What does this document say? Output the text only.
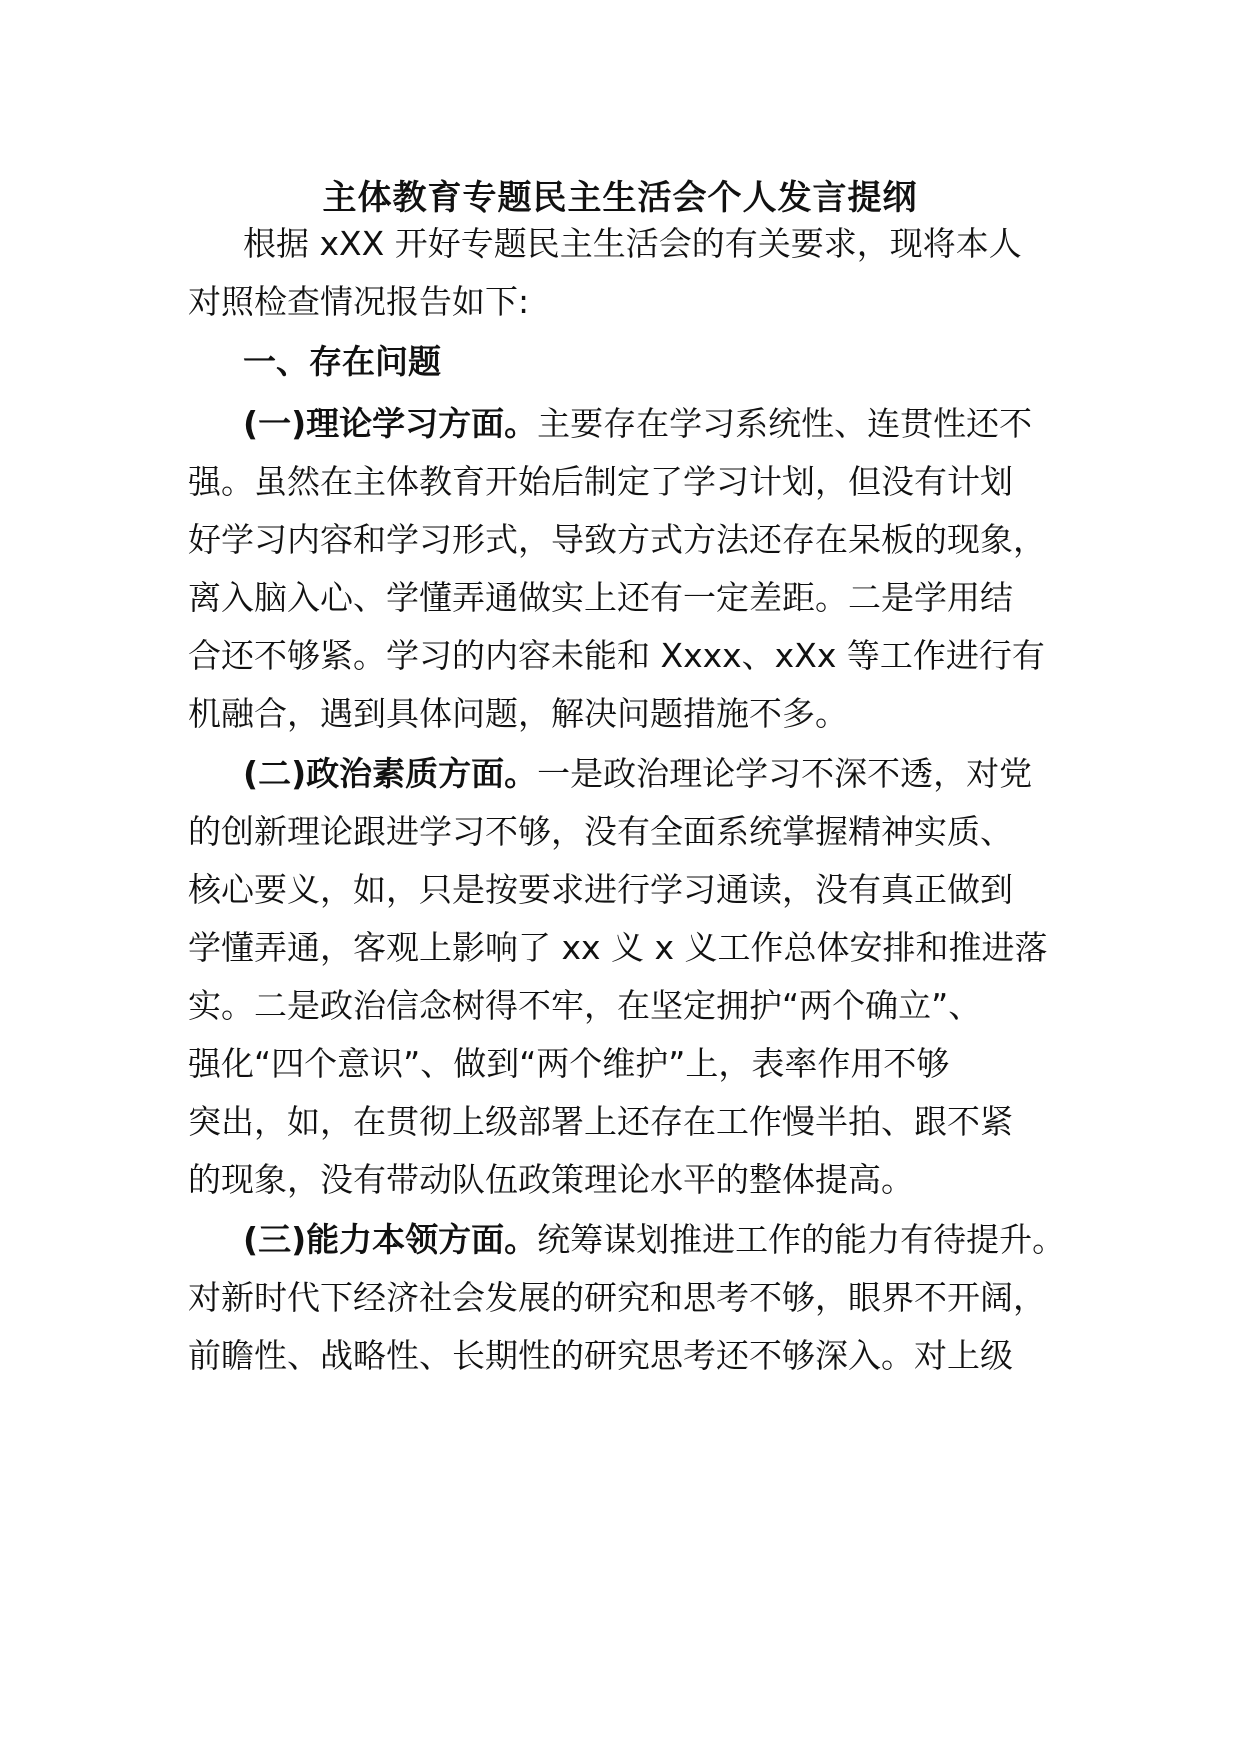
主体教育专题民主生活会个人发言提纲
根据 xXX 开好专题民主生活会的有关要求，现将本人
对照检查情况报告如下:
一、存在问题
(一)理论学习方面。主要存在学习系统性、连贯性还不
强。虽然在主体教育开始后制定了学习计划，但没有计划
好学习内容和学习形式，导致方式方法还存在呆板的现象，
离入脑入心、学懂弄通做实上还有一定差距。二是学用结
合还不够紧。学习的内容未能和 Xxxx、xXx 等工作进行有
机融合，遇到具体问题，解决问题措施不多。
(二)政治素质方面。一是政治理论学习不深不透，对党
的创新理论跟进学习不够，没有全面系统掌握精神实质、
核心要义，如，只是按要求进行学习通读，没有真正做到
学懂弄通，客观上影响了 xx 义 x 义工作总体安排和推进落
实。二是政治信念树得不牢，在坚定拥护“两个确立”、
强化“四个意识”、做到“两个维护”上，表率作用不够
突出，如，在贯彻上级部署上还存在工作慢半拍、跟不紧
的现象，没有带动队伍政策理论水平的整体提高。
(三)能力本领方面。统筹谋划推进工作的能力有待提升。
对新时代下经济社会发展的研究和思考不够，眼界不开阔，
前瞻性、战略性、长期性的研究思考还不够深入。对上级
